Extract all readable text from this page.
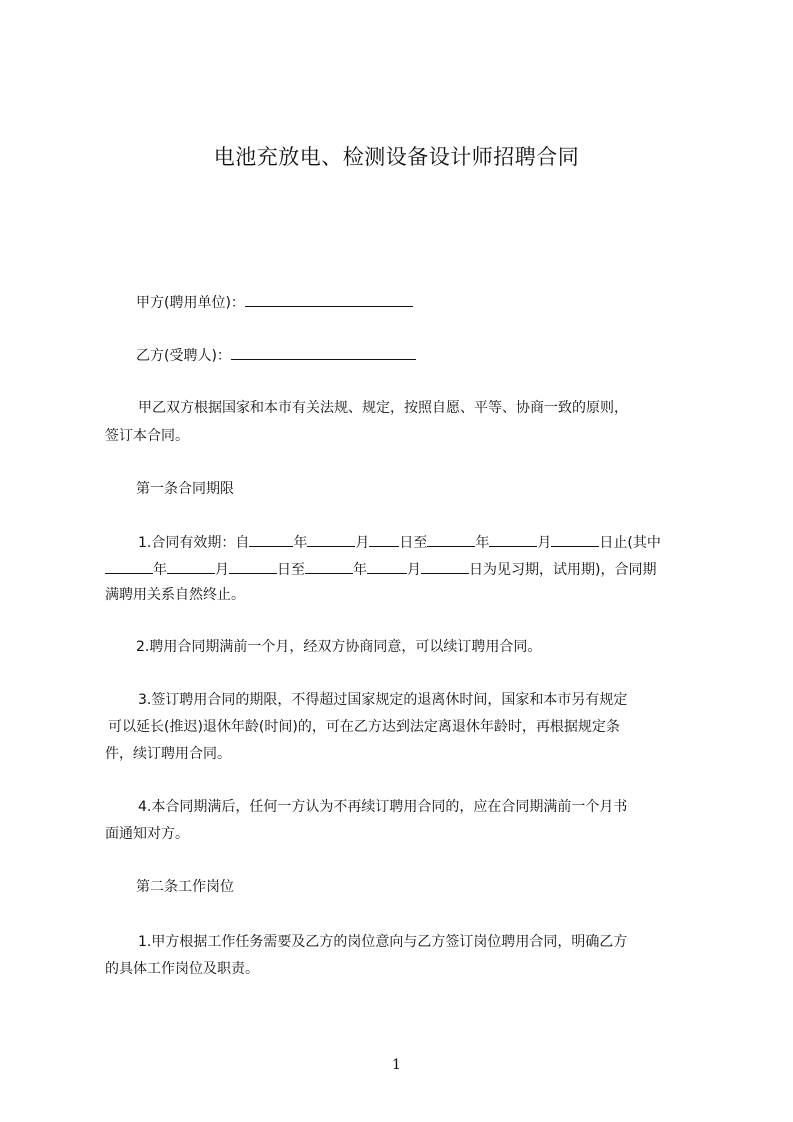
电池充放电、检测设备设计师招聘合同
甲方(聘用单位)：
乙方(受聘人)：
甲乙双方根据国家和本市有关法规、规定，按照自愿、平等、协商一致的原则，
签订本合同。
第一条合同期限
1.合同有效期：自	年	月 日至	年	月	日止(其中
年	月	日至	年	月	日为见习期，试用期)，合同期
满聘用关系自然终止。
2.聘用合同期满前一个月，经双方协商同意，可以续订聘用合同。
3.签订聘用合同的期限，不得超过国家规定的退离休时间，国家和本市另有规定
可以延长(推迟)退休年龄(时间)的，可在乙方达到法定离退休年龄时，再根据规定条
件，续订聘用合同。
4.本合同期满后，任何一方认为不再续订聘用合同的，应在合同期满前一个月书
面通知对方。
第二条工作岗位
1.甲方根据工作任务需要及乙方的岗位意向与乙方签订岗位聘用合同，明确乙方
的具体工作岗位及职责。
1
